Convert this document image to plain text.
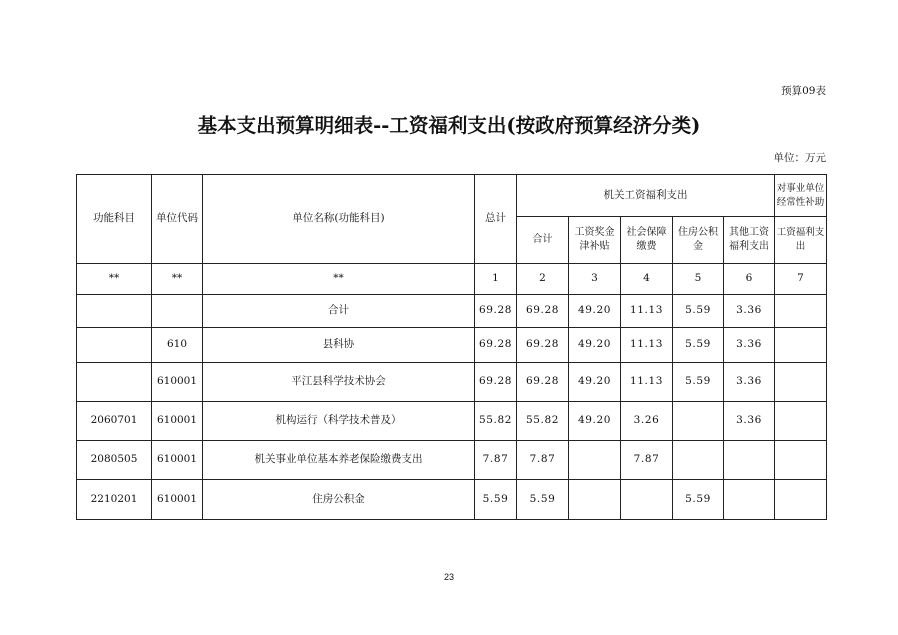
预算09表
基本支出预算明细表--工资福利支出(按政府预算经济分类)
单位：万元
功能科目	单位代码	单位名称(功能科目)	总计	机关工资福利支出					对事业单位经常性补助
				合计	工资奖金津补贴	社会保障缴费	住房公积金	其他工资福利支出	工资福利支出
**	**	**	1	2	3	4	5	6	7
		合计	69.28	69.28	49.20	11.13	5.59	3.36	
	610	县科协	69.28	69.28	49.20	11.13	5.59	3.36	
	610001	平江县科学技术协会	69.28	69.28	49.20	11.13	5.59	3.36	
2060701	610001	机构运行（科学技术普及）	55.82	55.82	49.20	3.26		3.36	
2080505	610001	机关事业单位基本养老保险缴费支出	7.87	7.87		7.87			
2210201	610001	住房公积金	5.59	5.59			5.59		
23
